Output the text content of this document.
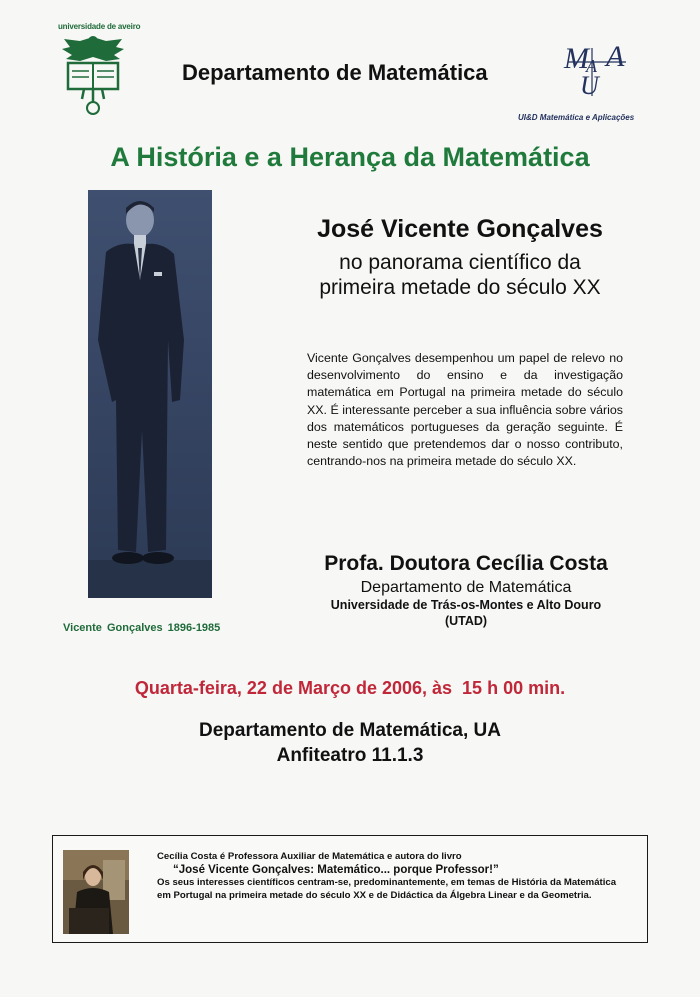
universidade de aveiro
Departamento de Matemática	M A
U
A
UI&D Matemática e Aplicações
A História e a Herança da Matemática
Vicente Gonçalves 1896-1985
José Vicente Gonçalves
no panorama científico da
primeira metade do século XX
Vicente Gonçalves desempenhou um papel de relevo no desenvolvimento do ensino e da investigação matemática em Portugal na primeira metade do século XX. É interessante perceber a sua influência sobre vários dos matemáticos portugueses da geração seguinte. É neste sentido que pretendemos dar o nosso contributo, centrando-nos na primeira metade do século XX.
Profa. Doutora Cecília Costa
Departamento de Matemática
Universidade de Trás-os-Montes e Alto Douro
(UTAD)
Quarta-feira, 22 de Março de 2006, às 15 h 00 min.
Departamento de Matemática, UA
Anfiteatro 11.1.3
Cecília Costa é Professora Auxiliar de Matemática e autora do livro
“José Vicente Gonçalves: Matemático... porque Professor!”
Os seus interesses científicos centram-se, predominantemente, em temas de História da Matemática em Portugal na primeira metade do século XX e de Didáctica da Álgebra Linear e da Geometria.
